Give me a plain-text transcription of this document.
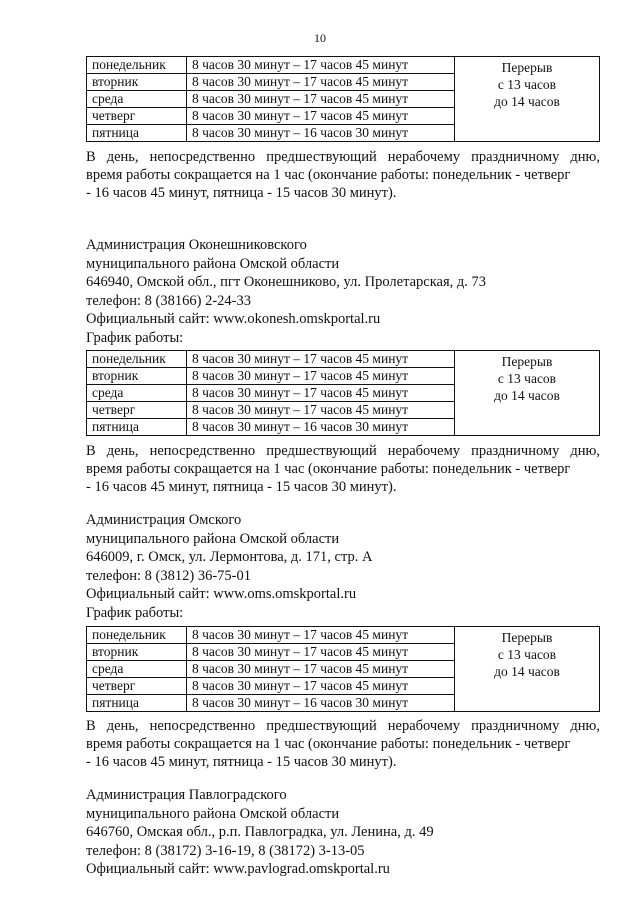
10
понедельник	8 часов 30 минут – 17 часов 45 минут	Перерыв
с 13 часов
до 14 часов

вторник	8 часов 30 минут – 17 часов 45 минут	
среда	8 часов 30 минут – 17 часов 45 минут	
четверг	8 часов 30 минут – 17 часов 45 минут	
пятница	8 часов 30 минут – 16 часов 30 минут	
В день, непосредственно предшествующий нерабочему праздничному дню,
время работы сокращается на 1 час (окончание работы: понедельник - четверг
- 16 часов 45 минут, пятница - 15 часов 30 минут).
Администрация Оконешниковского
муниципального района Омской области
646940, Омской обл., пгт Оконешниково, ул. Пролетарская, д. 73
телефон: 8 (38166) 2-24-33
Официальный сайт: www.okonesh.omskportal.ru
График работы:
понедельник	8 часов 30 минут – 17 часов 45 минут	Перерыв
с 13 часов
до 14 часов

вторник	8 часов 30 минут – 17 часов 45 минут	
среда	8 часов 30 минут – 17 часов 45 минут	
четверг	8 часов 30 минут – 17 часов 45 минут	
пятница	8 часов 30 минут – 16 часов 30 минут	
В день, непосредственно предшествующий нерабочему праздничному дню,
время работы сокращается на 1 час (окончание работы: понедельник - четверг
- 16 часов 45 минут, пятница - 15 часов 30 минут).
Администрация Омского
муниципального района Омской области
646009, г. Омск, ул. Лермонтова, д. 171, стр. А
телефон: 8 (3812) 36-75-01
Официальный сайт: www.oms.omskportal.ru
График работы:
понедельник	8 часов 30 минут – 17 часов 45 минут	Перерыв
с 13 часов
до 14 часов

вторник	8 часов 30 минут – 17 часов 45 минут	
среда	8 часов 30 минут – 17 часов 45 минут	
четверг	8 часов 30 минут – 17 часов 45 минут	
пятница	8 часов 30 минут – 16 часов 30 минут	
В день, непосредственно предшествующий нерабочему праздничному дню,
время работы сокращается на 1 час (окончание работы: понедельник - четверг
- 16 часов 45 минут, пятница - 15 часов 30 минут).
Администрация Павлоградского
муниципального района Омской области
646760, Омская обл., р.п. Павлоградка, ул. Ленина, д. 49
телефон: 8 (38172) 3-16-19, 8 (38172) 3-13-05
Официальный сайт: www.pavlograd.omskportal.ru
